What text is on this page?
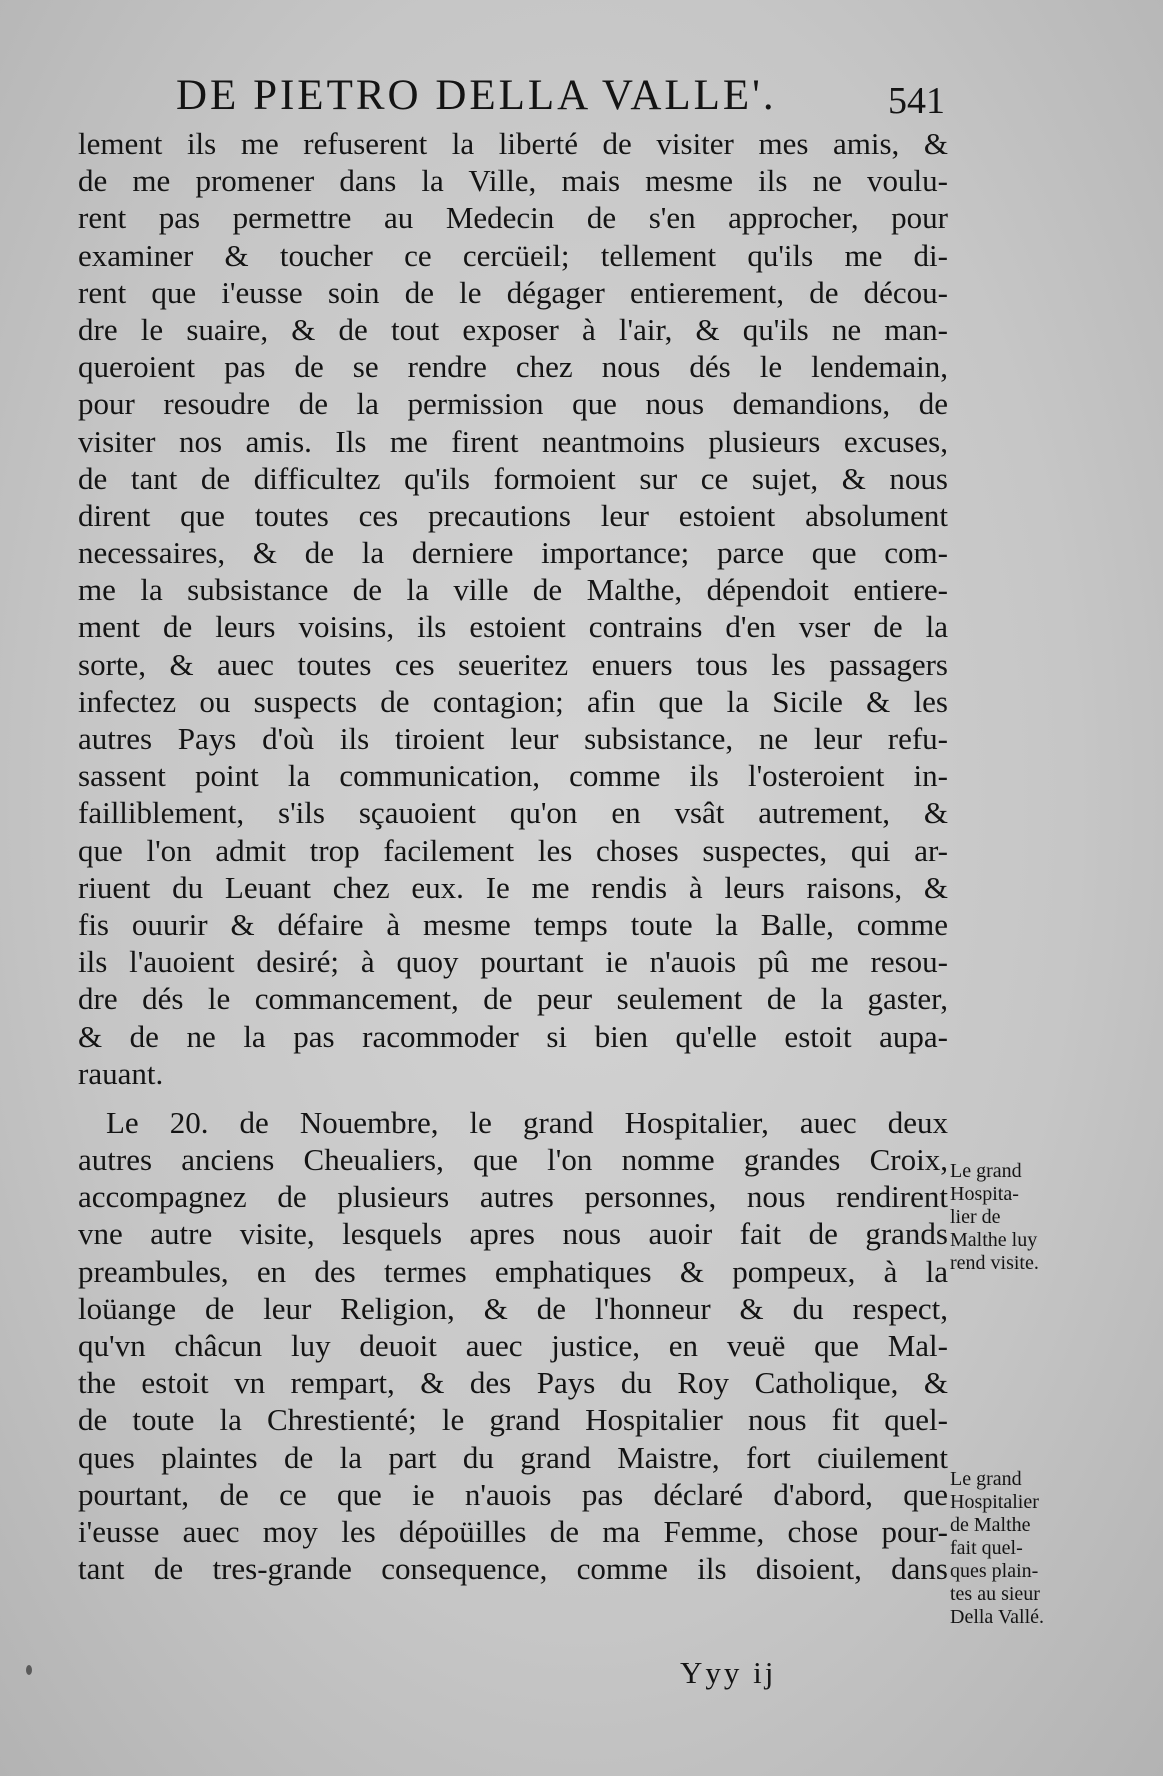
DE PIETRO DELLA VALLE'.	541
lement ils me refuserent la liberté de visiter mes amis, &
de me promener dans la Ville, mais mesme ils ne voulu-
rent pas permettre au Medecin de s'en approcher, pour
examiner & toucher ce cercüeil; tellement qu'ils me di-
rent que i'eusse soin de le dégager entierement, de décou-
dre le suaire, & de tout exposer à l'air, & qu'ils ne man-
queroient pas de se rendre chez nous dés le lendemain,
pour resoudre de la permission que nous demandions, de
visiter nos amis. Ils me firent neantmoins plusieurs excuses,
de tant de difficultez qu'ils formoient sur ce sujet, & nous
dirent que toutes ces precautions leur estoient absolument
necessaires, & de la derniere importance; parce que com-
me la subsistance de la ville de Malthe, dépendoit entiere-
ment de leurs voisins, ils estoient contrains d'en vser de la
sorte, & auec toutes ces seueritez enuers tous les passagers
infectez ou suspects de contagion; afin que la Sicile & les
autres Pays d'où ils tiroient leur subsistance, ne leur refu-
sassent point la communication, comme ils l'osteroient in-
failliblement, s'ils sçauoient qu'on en vsât autrement, &
que l'on admit trop facilement les choses suspectes, qui ar-
riuent du Leuant chez eux. Ie me rendis à leurs raisons, &
fis ouurir & défaire à mesme temps toute la Balle, comme
ils l'auoient desiré; à quoy pourtant ie n'auois pû me resou-
dre dés le commancement, de peur seulement de la gaster,
& de ne la pas racommoder si bien qu'elle estoit aupa-
rauant.
Le 20. de Nouembre, le grand Hospitalier, auec deux
autres anciens Cheualiers, que l'on nomme grandes Croix,
accompagnez de plusieurs autres personnes, nous rendirent
vne autre visite, lesquels apres nous auoir fait de grands
preambules, en des termes emphatiques & pompeux, à la
loüange de leur Religion, & de l'honneur & du respect,
qu'vn châcun luy deuoit auec justice, en veuë que Mal-
the estoit vn rempart, & des Pays du Roy Catholique, &
de toute la Chrestienté; le grand Hospitalier nous fit quel-
ques plaintes de la part du grand Maistre, fort ciuilement
pourtant, de ce que ie n'auois pas déclaré d'abord, que
i'eusse auec moy les dépoüilles de ma Femme, chose pour-
tant de tres-grande consequence, comme ils disoient, dans
Le grand
Hospita-
lier de
Malthe luy
rend visite.
Le grand
Hospitalier
de Malthe
fait quel-
ques plain-
tes au sieur
Della Vallé.
Yyy ij
